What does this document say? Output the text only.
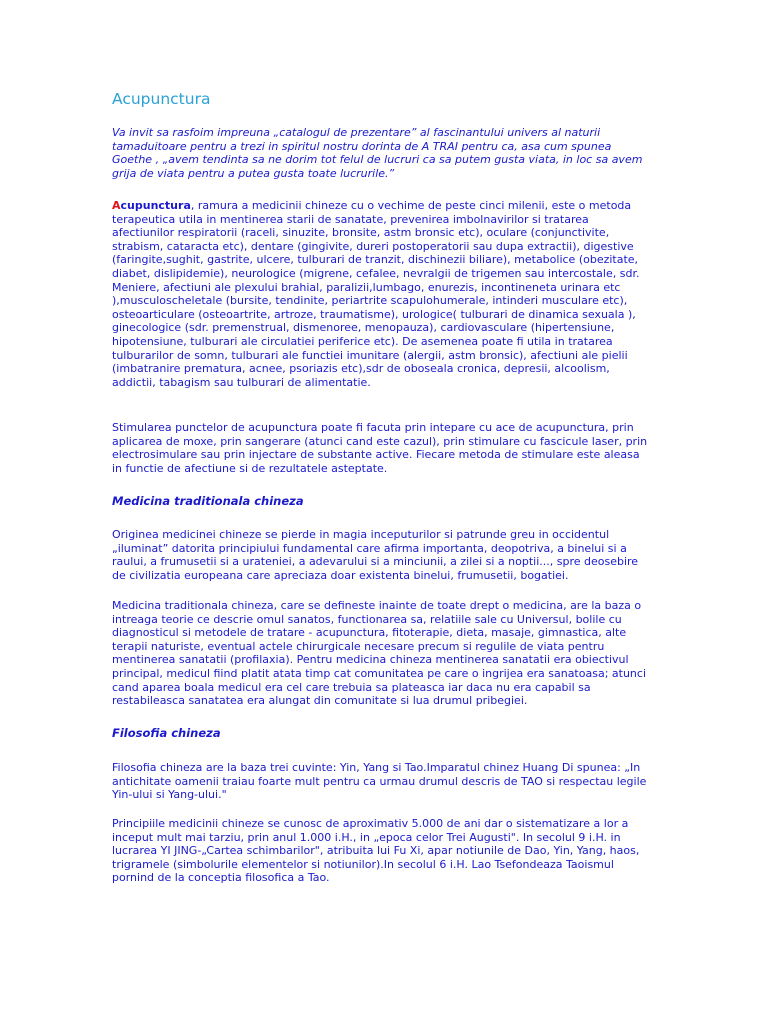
Acupunctura

Va invit sa rasfoim impreuna „catalogul de prezentare” al fascinantului univers al naturii tamaduitoare pentru a trezi in spiritul nostru dorinta de A TRAI pentru ca, asa cum spunea Goethe , „avem tendinta sa ne dorim tot felul de lucruri ca sa putem gusta viata, in loc sa avem grija de viata pentru a putea gusta toate lucrurile.”

Acupunctura, ramura a medicinii chineze cu o vechime de peste cinci milenii, este o metoda terapeutica utila in mentinerea starii de sanatate, prevenirea imbolnavirilor si tratarea afectiunilor respiratorii (raceli, sinuzite, bronsite, astm bronsic etc), oculare (conjunctivite, strabism, cataracta etc), dentare (gingivite, dureri postoperatorii sau dupa extractii), digestive (faringite,sughit, gastrite, ulcere, tulburari de tranzit, dischinezii biliare), metabolice (obezitate, diabet, dislipidemie), neurologice (migrene, cefalee, nevralgii de trigemen sau intercostale, sdr. Meniere, afectiuni ale plexului brahial, paralizii,lumbago, enurezis, incontineneta urinara etc ),musculoscheletale (bursite, tendinite, periartrite scapulohumerale, intinderi musculare etc), osteoarticulare (osteoartrite, artroze, traumatisme), urologice( tulburari de dinamica sexuala ), ginecologice (sdr. premenstrual, dismenoree, menopauza), cardiovasculare (hipertensiune, hipotensiune, tulburari ale circulatiei periferice etc). De asemenea poate fi utila in tratarea tulburarilor de somn, tulburari ale functiei imunitare (alergii, astm bronsic), afectiuni ale pielii (imbatranire prematura, acnee, psoriazis etc),sdr de oboseala cronica, depresii, alcoolism, addictii, tabagism sau tulburari de alimentatie.

Stimularea punctelor de acupunctura poate fi facuta prin intepare cu ace de acupunctura, prin aplicarea de moxe, prin sangerare (atunci cand este cazul), prin stimulare cu fascicule laser, prin electrosimulare sau prin injectare de substante active. Fiecare metoda de stimulare este aleasa in functie de afectiune si de rezultatele asteptate.

Medicina traditionala chineza

Originea medicinei chineze se pierde in magia inceputurilor si patrunde greu in occidentul „iluminat” datorita principiului fundamental care afirma importanta, deopotriva, a binelui si a raului, a frumusetii si a urateniei, a adevarului si a minciunii, a zilei si a noptii..., spre deosebire de civilizatia europeana care apreciaza doar existenta binelui, frumusetii, bogatiei.

Medicina traditionala chineza, care se defineste inainte de toate drept o medicina, are la baza o intreaga teorie ce descrie omul sanatos, functionarea sa, relatiile sale cu Universul, bolile cu diagnosticul si metodele de tratare - acupunctura, fitoterapie, dieta, masaje, gimnastica, alte terapii naturiste, eventual actele chirurgicale necesare precum si regulile de viata pentru mentinerea sanatatii (profilaxia). Pentru medicina chineza mentinerea sanatatii era obiectivul principal, medicul fiind platit atata timp cat comunitatea pe care o ingrijea era sanatoasa; atunci cand aparea boala medicul era cel care trebuia sa plateasca iar daca nu era capabil sa restabileasca sanatatea era alungat din comunitate si lua drumul pribegiei.

Filosofia chineza

Filosofia chineza are la baza trei cuvinte: Yin, Yang si Tao.Imparatul chinez Huang Di spunea: „In antichitate oamenii traiau foarte mult pentru ca urmau drumul descris de TAO si respectau legile Yin-ului si Yang-ului."

Principiile medicinii chineze se cunosc de aproximativ 5.000 de ani dar o sistematizare a lor a inceput mult mai tarziu, prin anul 1.000 i.H., in „epoca celor Trei Augusti". In secolul 9 i.H. in lucrarea YI JING-„Cartea schimbarilor", atribuita lui Fu Xi, apar notiunile de Dao, Yin, Yang, haos, trigramele (simbolurile elementelor si notiunilor).In secolul 6 i.H. Lao Tsefondeaza Taoismul pornind de la conceptia filosofica a Tao.
